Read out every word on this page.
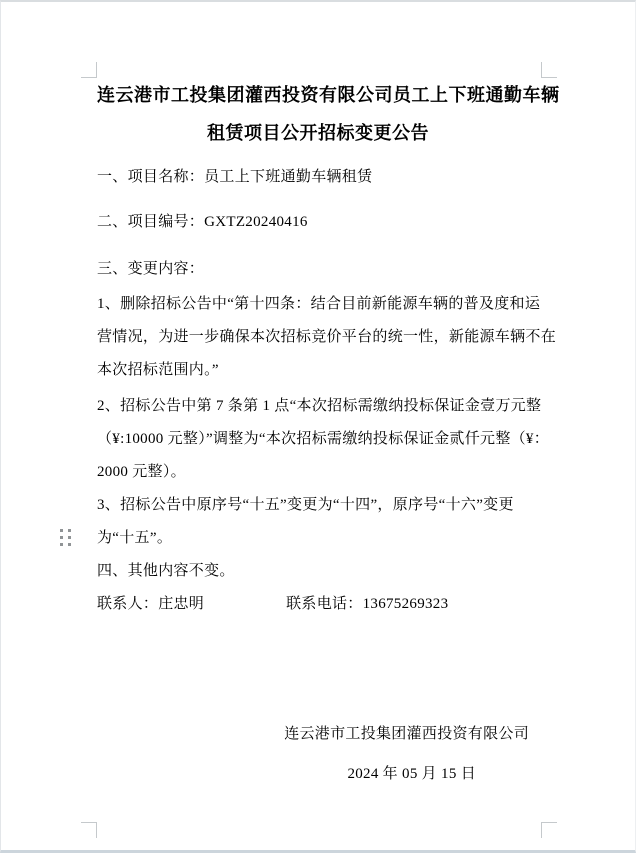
连云港市工投集团灌西投资有限公司员工上下班通勤车辆
租赁项目公开招标变更公告
一、项目名称：员工上下班通勤车辆租赁
二、项目编号：GXTZ20240416
三、变更内容：
1、删除招标公告中“第十四条：结合目前新能源车辆的普及度和运
营情况，为进一步确保本次招标竞价平台的统一性，新能源车辆不在
本次招标范围内。”
2、招标公告中第 7 条第 1 点“本次招标需缴纳投标保证金壹万元整
（¥:10000 元整）”调整为“本次招标需缴纳投标保证金贰仟元整（¥：
2000 元整）。
3、招标公告中原序号“十五”变更为“十四”，原序号“十六”变更
为“十五”。
四、其他内容不变。
联系人：庄忠明	联系电话：13675269323
连云港市工投集团灌西投资有限公司
2024 年 05 月 15 日
